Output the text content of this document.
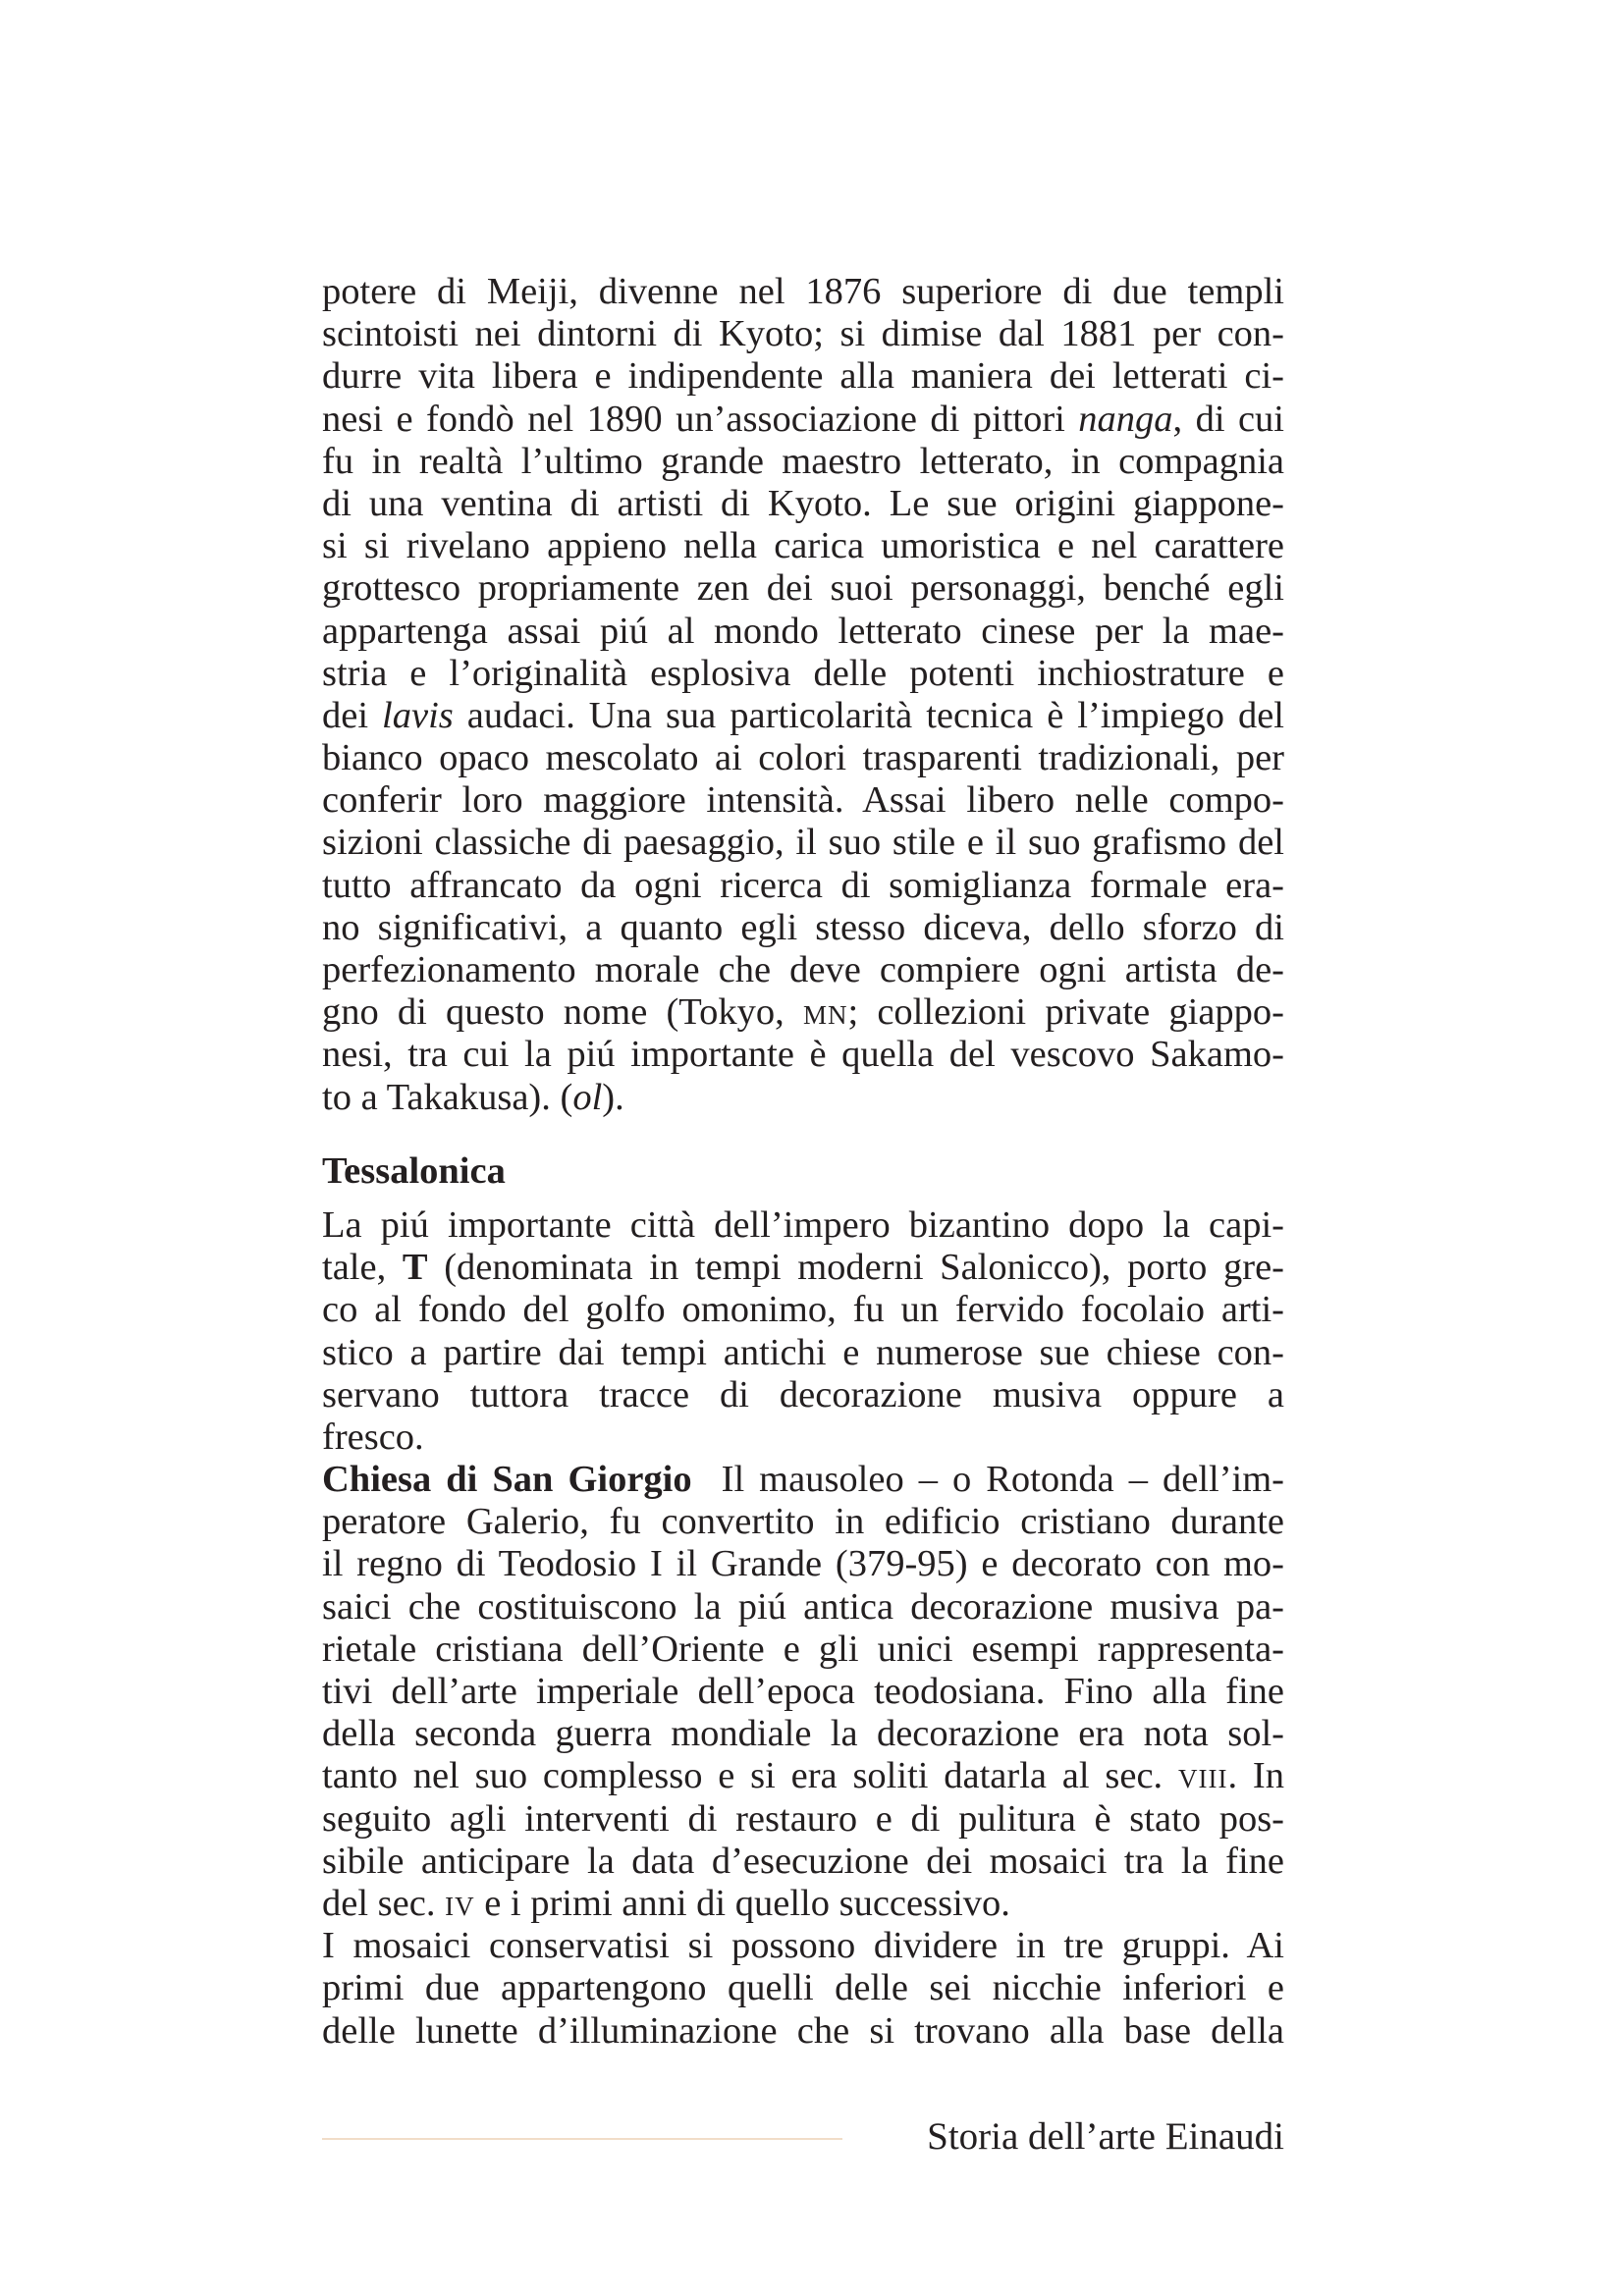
potere di Meiji, divenne nel 1876 superiore di due templi
scintoisti nei dintorni di Kyoto; si dimise dal 1881 per con-
durre vita libera e indipendente alla maniera dei letterati ci-
nesi e fondò nel 1890 un’associazione di pittori nanga, di cui
fu in realtà l’ultimo grande maestro letterato, in compagnia
di una ventina di artisti di Kyoto. Le sue origini giappone-
si si rivelano appieno nella carica umoristica e nel carattere
grottesco propriamente zen dei suoi personaggi, benché egli
appartenga assai piú al mondo letterato cinese per la mae-
stria e l’originalità esplosiva delle potenti inchiostrature e
dei lavis audaci. Una sua particolarità tecnica è l’impiego del
bianco opaco mescolato ai colori trasparenti tradizionali, per
conferir loro maggiore intensità. Assai libero nelle compo-
sizioni classiche di paesaggio, il suo stile e il suo grafismo del
tutto affrancato da ogni ricerca di somiglianza formale era-
no significativi, a quanto egli stesso diceva, dello sforzo di
perfezionamento morale che deve compiere ogni artista de-
gno di questo nome (Tokyo, mn; collezioni private giappo-
nesi, tra cui la piú importante è quella del vescovo Sakamo-
to a Takakusa). (ol).
Tessalonica
La piú importante città dell’impero bizantino dopo la capi-
tale, T (denominata in tempi moderni Salonicco), porto gre-
co al fondo del golfo omonimo, fu un fervido focolaio arti-
stico a partire dai tempi antichi e numerose sue chiese con-
servano tuttora tracce di decorazione musiva oppure a
fresco.
Chiesa di San Giorgio  Il mausoleo – o Rotonda – dell’im-
peratore Galerio, fu convertito in edificio cristiano durante
il regno di Teodosio I il Grande (379-95) e decorato con mo-
saici che costituiscono la piú antica decorazione musiva pa-
rietale cristiana dell’Oriente e gli unici esempi rappresenta-
tivi dell’arte imperiale dell’epoca teodosiana. Fino alla fine
della seconda guerra mondiale la decorazione era nota sol-
tanto nel suo complesso e si era soliti datarla al sec. viii. In
seguito agli interventi di restauro e di pulitura è stato pos-
sibile anticipare la data d’esecuzione dei mosaici tra la fine
del sec. iv e i primi anni di quello successivo.
I mosaici conservatisi si possono dividere in tre gruppi. Ai
primi due appartengono quelli delle sei nicchie inferiori e
delle lunette d’illuminazione che si trovano alla base della
Storia dell’arte Einaudi
